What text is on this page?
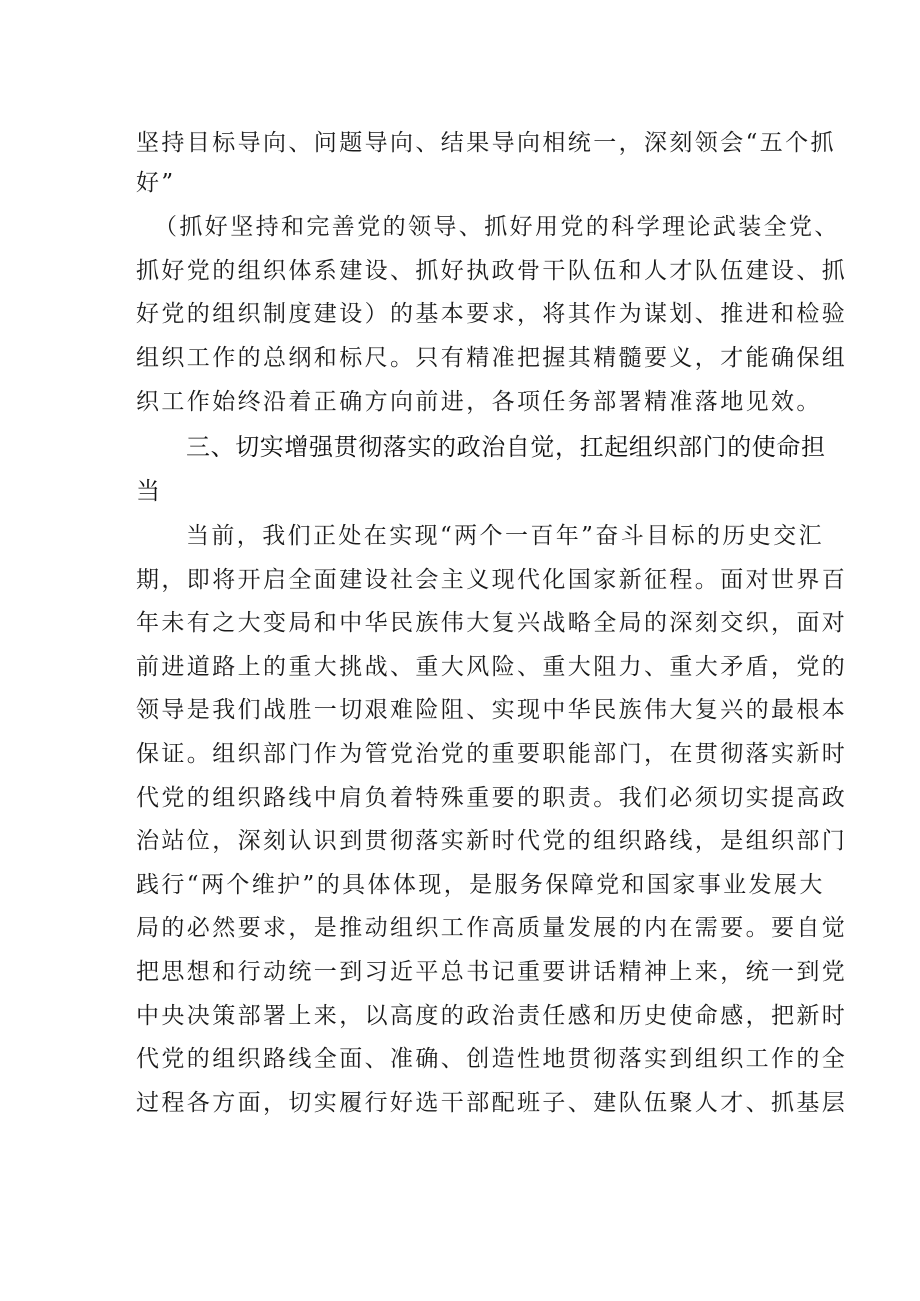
坚持目标导向、问题导向、结果导向相统一，深刻领会“五个抓
好”
（抓好坚持和完善党的领导、抓好用党的科学理论武装全党、
抓好党的组织体系建设、抓好执政骨干队伍和人才队伍建设、抓
好党的组织制度建设）的基本要求，将其作为谋划、推进和检验
组织工作的总纲和标尺。只有精准把握其精髓要义，才能确保组
织工作始终沿着正确方向前进，各项任务部署精准落地见效。
三、切实增强贯彻落实的政治自觉，扛起组织部门的使命担
当
当前，我们正处在实现“两个一百年”奋斗目标的历史交汇
期，即将开启全面建设社会主义现代化国家新征程。面对世界百
年未有之大变局和中华民族伟大复兴战略全局的深刻交织，面对
前进道路上的重大挑战、重大风险、重大阻力、重大矛盾，党的
领导是我们战胜一切艰难险阻、实现中华民族伟大复兴的最根本
保证。组织部门作为管党治党的重要职能部门，在贯彻落实新时
代党的组织路线中肩负着特殊重要的职责。我们必须切实提高政
治站位，深刻认识到贯彻落实新时代党的组织路线，是组织部门
践行“两个维护”的具体体现，是服务保障党和国家事业发展大
局的必然要求，是推动组织工作高质量发展的内在需要。要自觉
把思想和行动统一到习近平总书记重要讲话精神上来，统一到党
中央决策部署上来，以高度的政治责任感和历史使命感，把新时
代党的组织路线全面、准确、创造性地贯彻落实到组织工作的全
过程各方面，切实履行好选干部配班子、建队伍聚人才、抓基层
